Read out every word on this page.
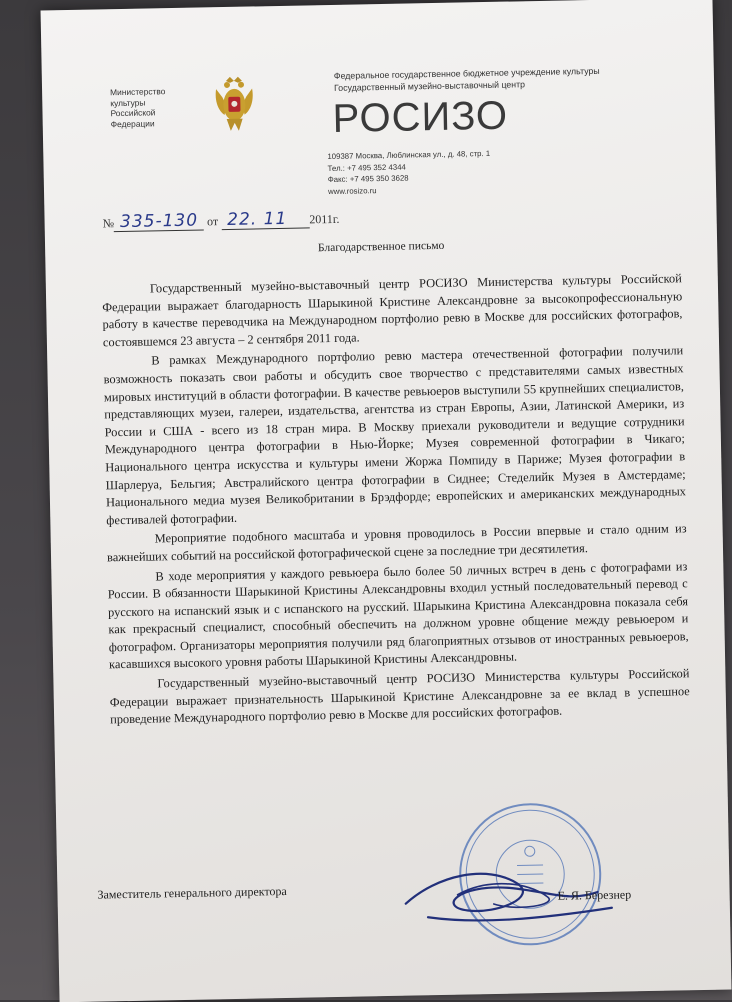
Министерство
культуры
Российской
Федерации
Федеральное государственное бюджетное учреждение культуры
Государственный музейно-выставочный центр
РОСИЗО
109387 Москва, Люблинская ул., д. 48, стр. 1
Тел.: +7 495 352 4344
Факс: +7 495 350 3628
www.rosizo.ru
№ 335-130 от 22. 11 2011г.
Благодарственное письмо

Государственный музейно-выставочный центр РОСИЗО Министерства культуры Российской Федерации выражает благодарность Шарыкиной Кристине Александровне за высокопрофессиональную работу в качестве переводчика на Международном портфолио ревю в Москве для российских фотографов, состоявшемся 23 августа – 2 сентября 2011 года.

В рамках Международного портфолио ревю мастера отечественной фотографии получили возможность показать свои работы и обсудить свое творчество с представителями самых известных мировых институций в области фотографии. В качестве ревьюеров выступили 55 крупнейших специалистов, представляющих музеи, галереи, издательства, агентства из стран Европы, Азии, Латинской Америки, из России и США - всего из 18 стран мира. В Москву приехали руководители и ведущие сотрудники Международного центра фотографии в Нью-Йорке; Музея современной фотографии в Чикаго; Национального центра искусства и культуры имени Жоржа Помпиду в Париже; Музея фотографии в Шарлеруа, Бельгия; Австралийского центра фотографии в Сиднее; Стеделийк Музея в Амстердаме; Национального медиа музея Великобритании в Брэдфорде; европейских и американских международных фестивалей фотографии.

Мероприятие подобного масштаба и уровня проводилось в России впервые и стало одним из важнейших событий на российской фотографической сцене за последние три десятилетия.

В ходе мероприятия у каждого ревьюера было более 50 личных встреч в день с фотографами из России. В обязанности Шарыкиной Кристины Александровны входил устный последовательный перевод с русского на испанский язык и с испанского на русский. Шарыкина Кристина Александровна показала себя как прекрасный специалист, способный обеспечить на должном уровне общение между ревьюером и фотографом. Организаторы мероприятия получили ряд благоприятных отзывов от иностранных ревьюеров, касавшихся высокого уровня работы Шарыкиной Кристины Александровны.

Государственный музейно-выставочный центр РОСИЗО Министерства культуры Российской Федерации выражает признательность Шарыкиной Кристине Александровне за ее вклад в успешное проведение Международного портфолио ревю в Москве для российских фотографов.

Заместитель генерального директора	Е. Я. Березнер
